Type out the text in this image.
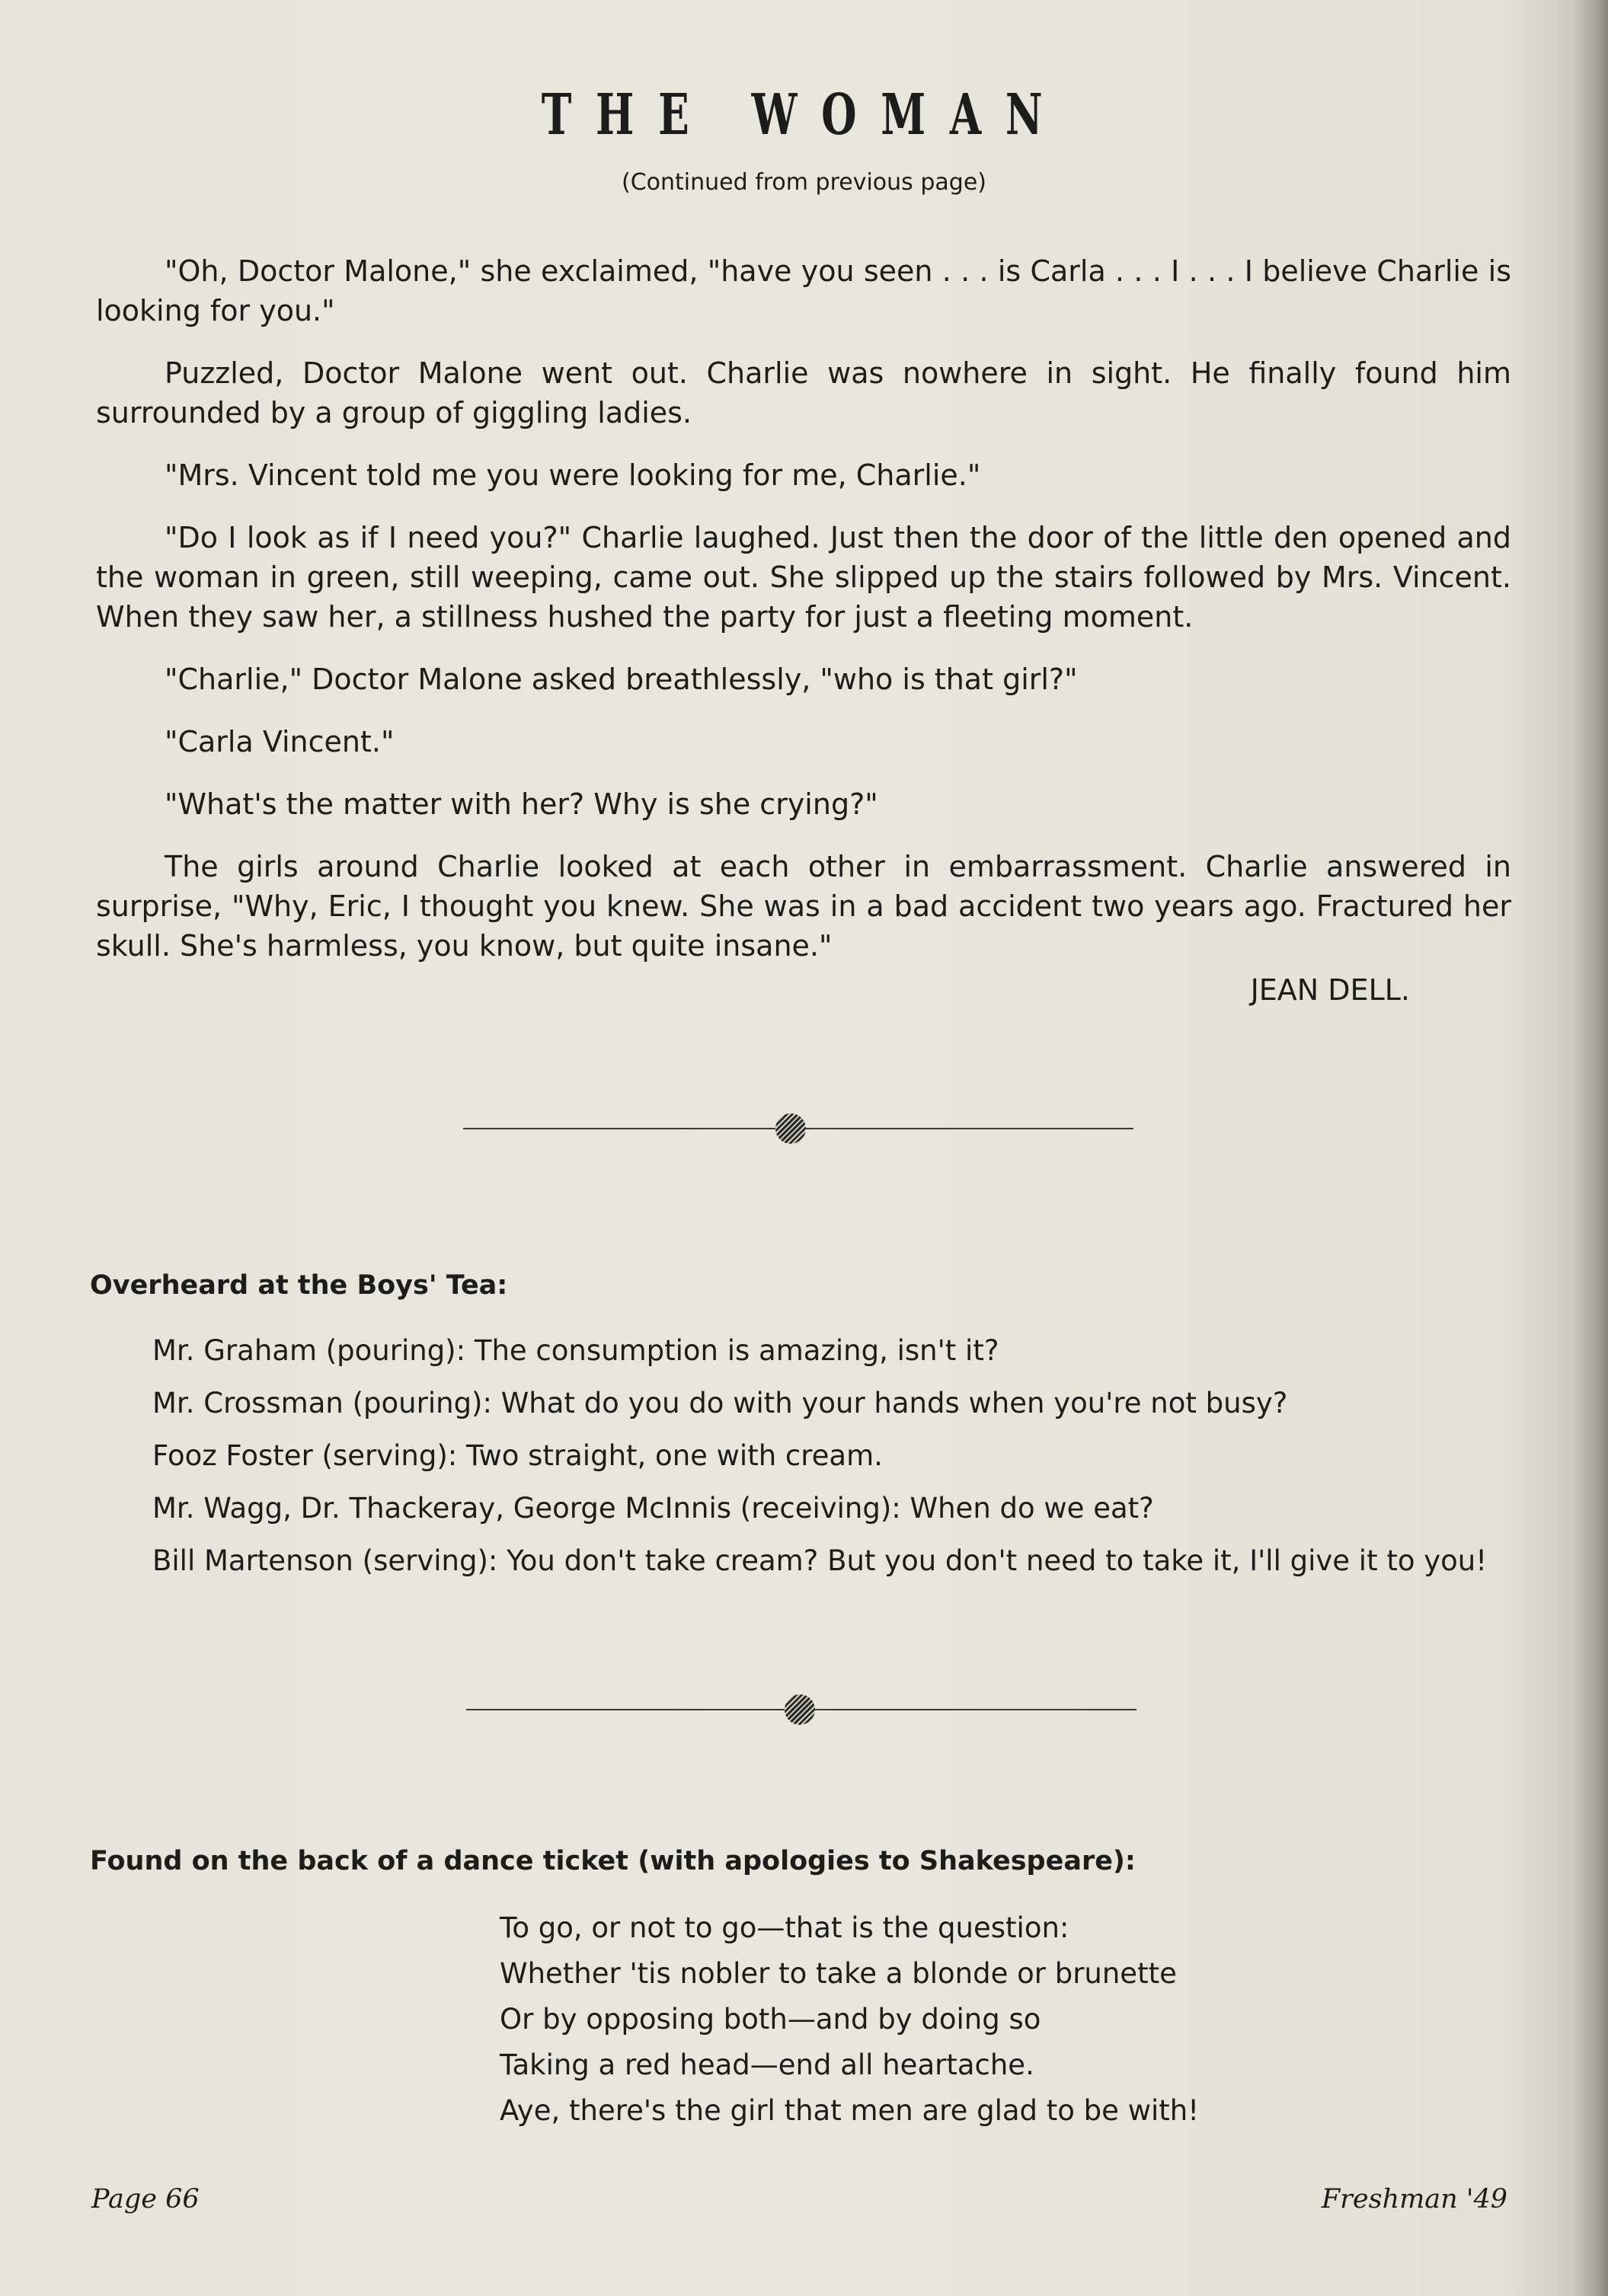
THE WOMAN

(Continued from previous page)

"Oh, Doctor Malone," she exclaimed, "have you seen . . . is Carla . . . I . . . I believe Charlie is looking for you."

Puzzled, Doctor Malone went out. Charlie was nowhere in sight. He finally found him surrounded by a group of giggling ladies.

"Mrs. Vincent told me you were looking for me, Charlie."

"Do I look as if I need you?" Charlie laughed. Just then the door of the little den opened and the woman in green, still weeping, came out. She slipped up the stairs followed by Mrs. Vincent. When they saw her, a stillness hushed the party for just a fleeting moment.

"Charlie," Doctor Malone asked breathlessly, "who is that girl?"

"Carla Vincent."

"What's the matter with her? Why is she crying?"

The girls around Charlie looked at each other in embarrassment. Charlie answered in surprise, "Why, Eric, I thought you knew. She was in a bad accident two years ago. Fractured her skull. She's harmless, you know, but quite insane."

JEAN DELL.

Overheard at the Boys' Tea:
Mr. Graham (pouring): The consumption is amazing, isn't it?
Mr. Crossman (pouring): What do you do with your hands when you're not busy?
Fooz Foster (serving): Two straight, one with cream.
Mr. Wagg, Dr. Thackeray, George McInnis (receiving): When do we eat?
Bill Martenson (serving): You don't take cream? But you don't need to take it, I'll give it to you!
Found on the back of a dance ticket (with apologies to Shakespeare):
To go, or not to go—that is the question:
Whether 'tis nobler to take a blonde or brunette
Or by opposing both—and by doing so
Taking a red head—end all heartache.
Aye, there's the girl that men are glad to be with!

Page 66	Freshman '49
